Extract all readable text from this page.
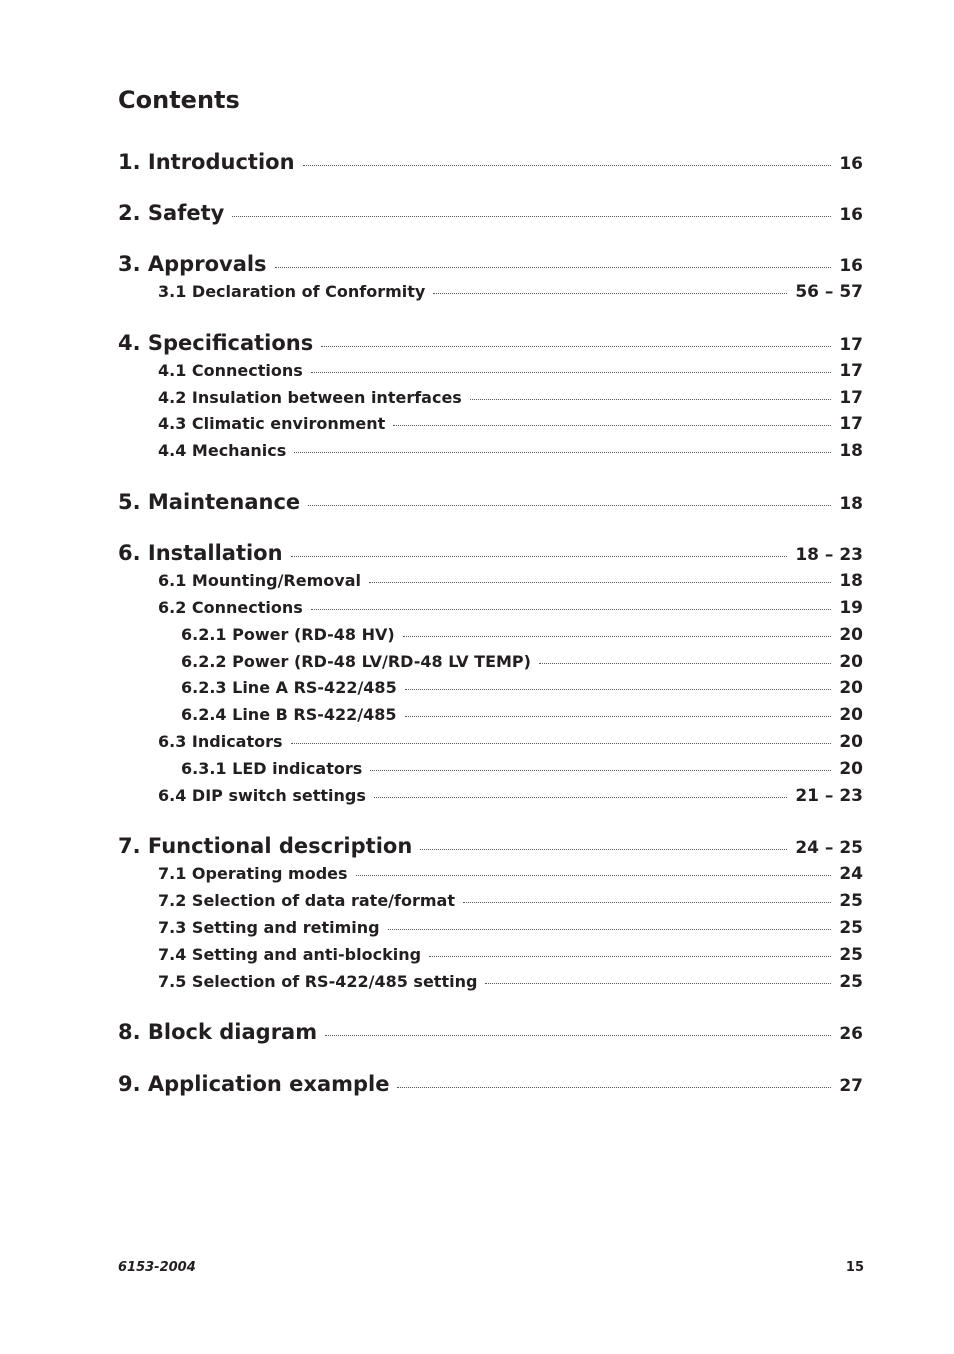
Contents
1. Introduction	16
2. Safety	16
3. Approvals	16
3.1 Declaration of Conformity	56 – 57
4. Specifications	17
4.1 Connections	17
4.2 Insulation between interfaces	17
4.3 Climatic environment	17
4.4 Mechanics	18
5. Maintenance	18
6. Installation	18 – 23
6.1 Mounting/Removal	18
6.2 Connections	19
6.2.1 Power (RD-48 HV)	20
6.2.2 Power (RD-48 LV/RD-48 LV TEMP)	20
6.2.3 Line A RS-422/485	20
6.2.4 Line B RS-422/485	20
6.3 Indicators	20
6.3.1 LED indicators	20
6.4 DIP switch settings	21 – 23
7. Functional description	24 – 25
7.1 Operating modes	24
7.2 Selection of data rate/format	25
7.3 Setting and retiming	25
7.4 Setting and anti-blocking	25
7.5 Selection of RS-422/485 setting	25
8. Block diagram	26
9. Application example	27
6153-2004	15
